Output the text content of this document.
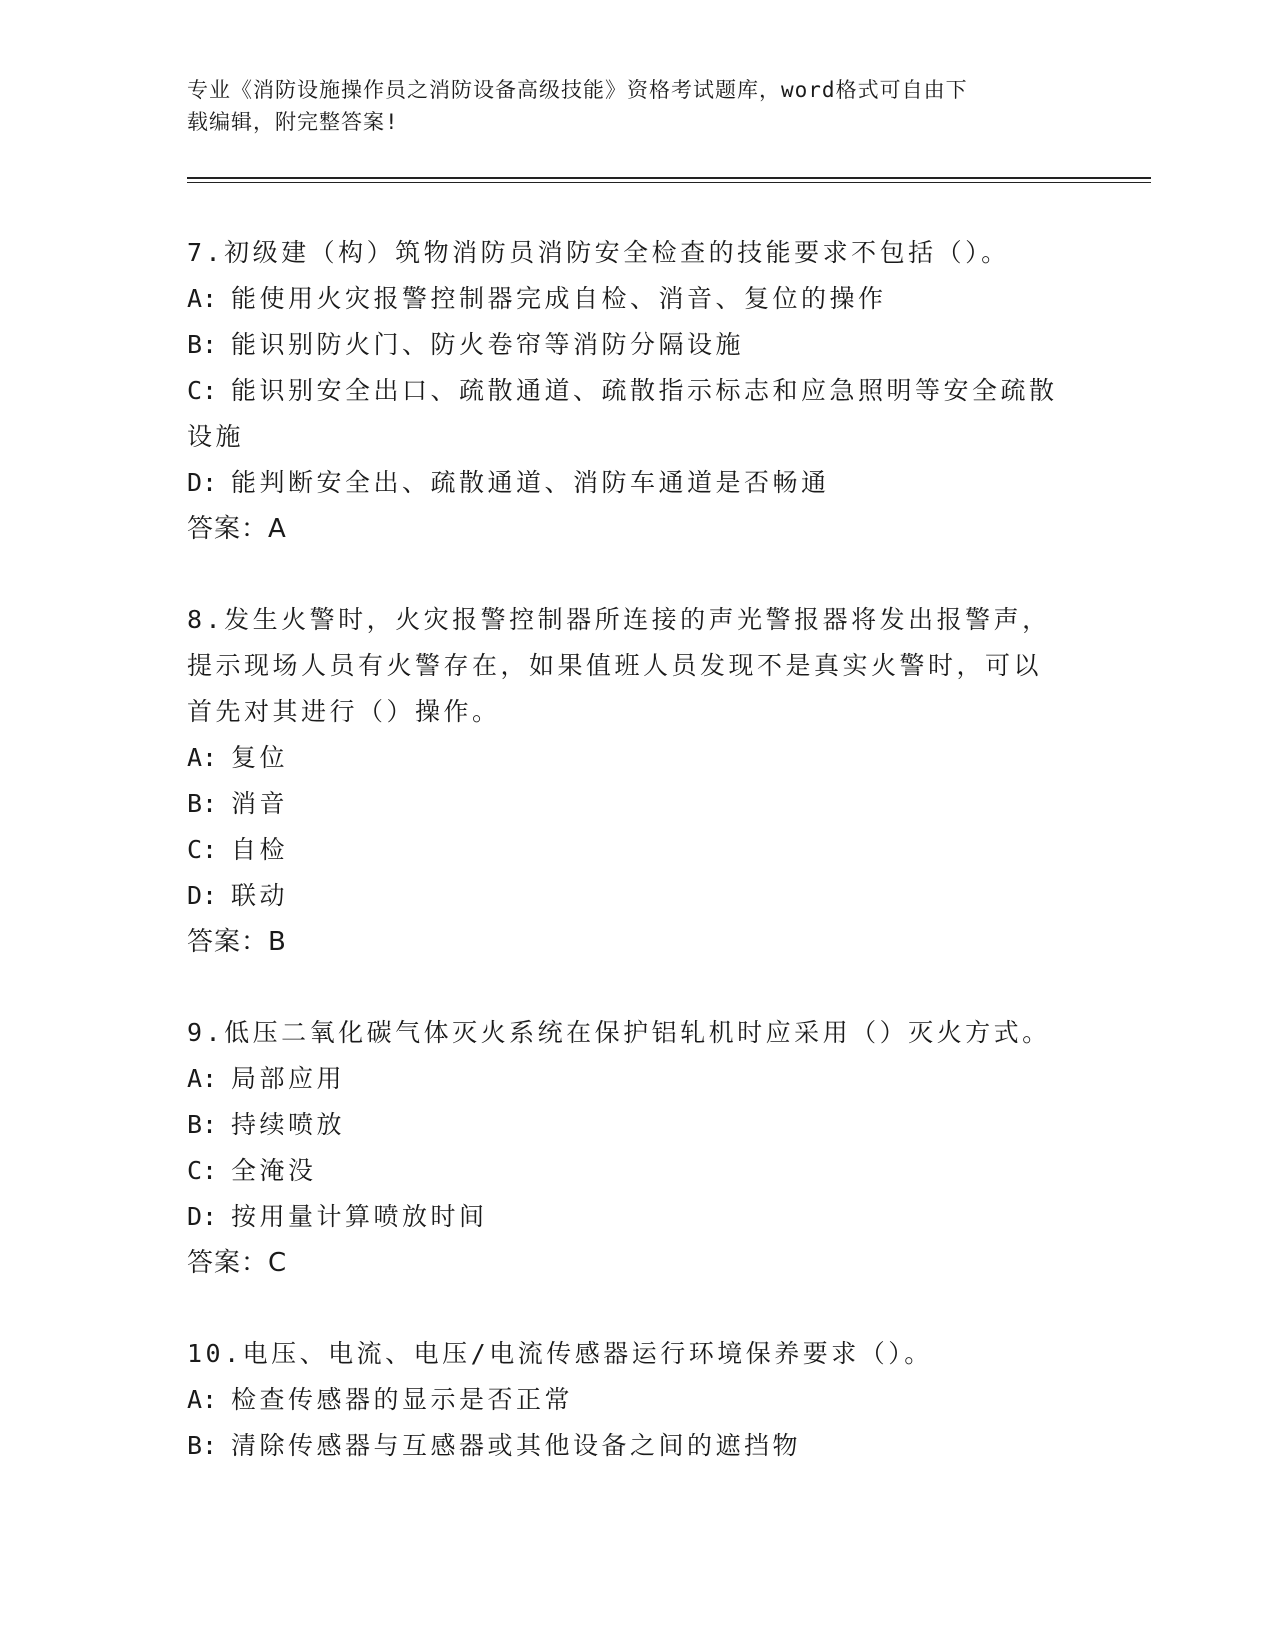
专业《消防设施操作员之消防设备高级技能》资格考试题库，word格式可自由下
载编辑，附完整答案!
7.初级建（构）筑物消防员消防安全检查的技能要求不包括（）。
A: 能使用火灾报警控制器完成自检、消音、复位的操作
B: 能识别防火门、防火卷帘等消防分隔设施
C: 能识别安全出口、疏散通道、疏散指示标志和应急照明等安全疏散
设施
D: 能判断安全出、疏散通道、消防车通道是否畅通
答案：A
8.发生火警时，火灾报警控制器所连接的声光警报器将发出报警声，
提示现场人员有火警存在，如果值班人员发现不是真实火警时，可以
首先对其进行（）操作。
A: 复位
B: 消音
C: 自检
D: 联动
答案：B
9.低压二氧化碳气体灭火系统在保护铝轧机时应采用（）灭火方式。
A: 局部应用
B: 持续喷放
C: 全淹没
D: 按用量计算喷放时间
答案：C
10.电压、电流、电压/电流传感器运行环境保养要求（）。
A: 检查传感器的显示是否正常
B: 清除传感器与互感器或其他设备之间的遮挡物
